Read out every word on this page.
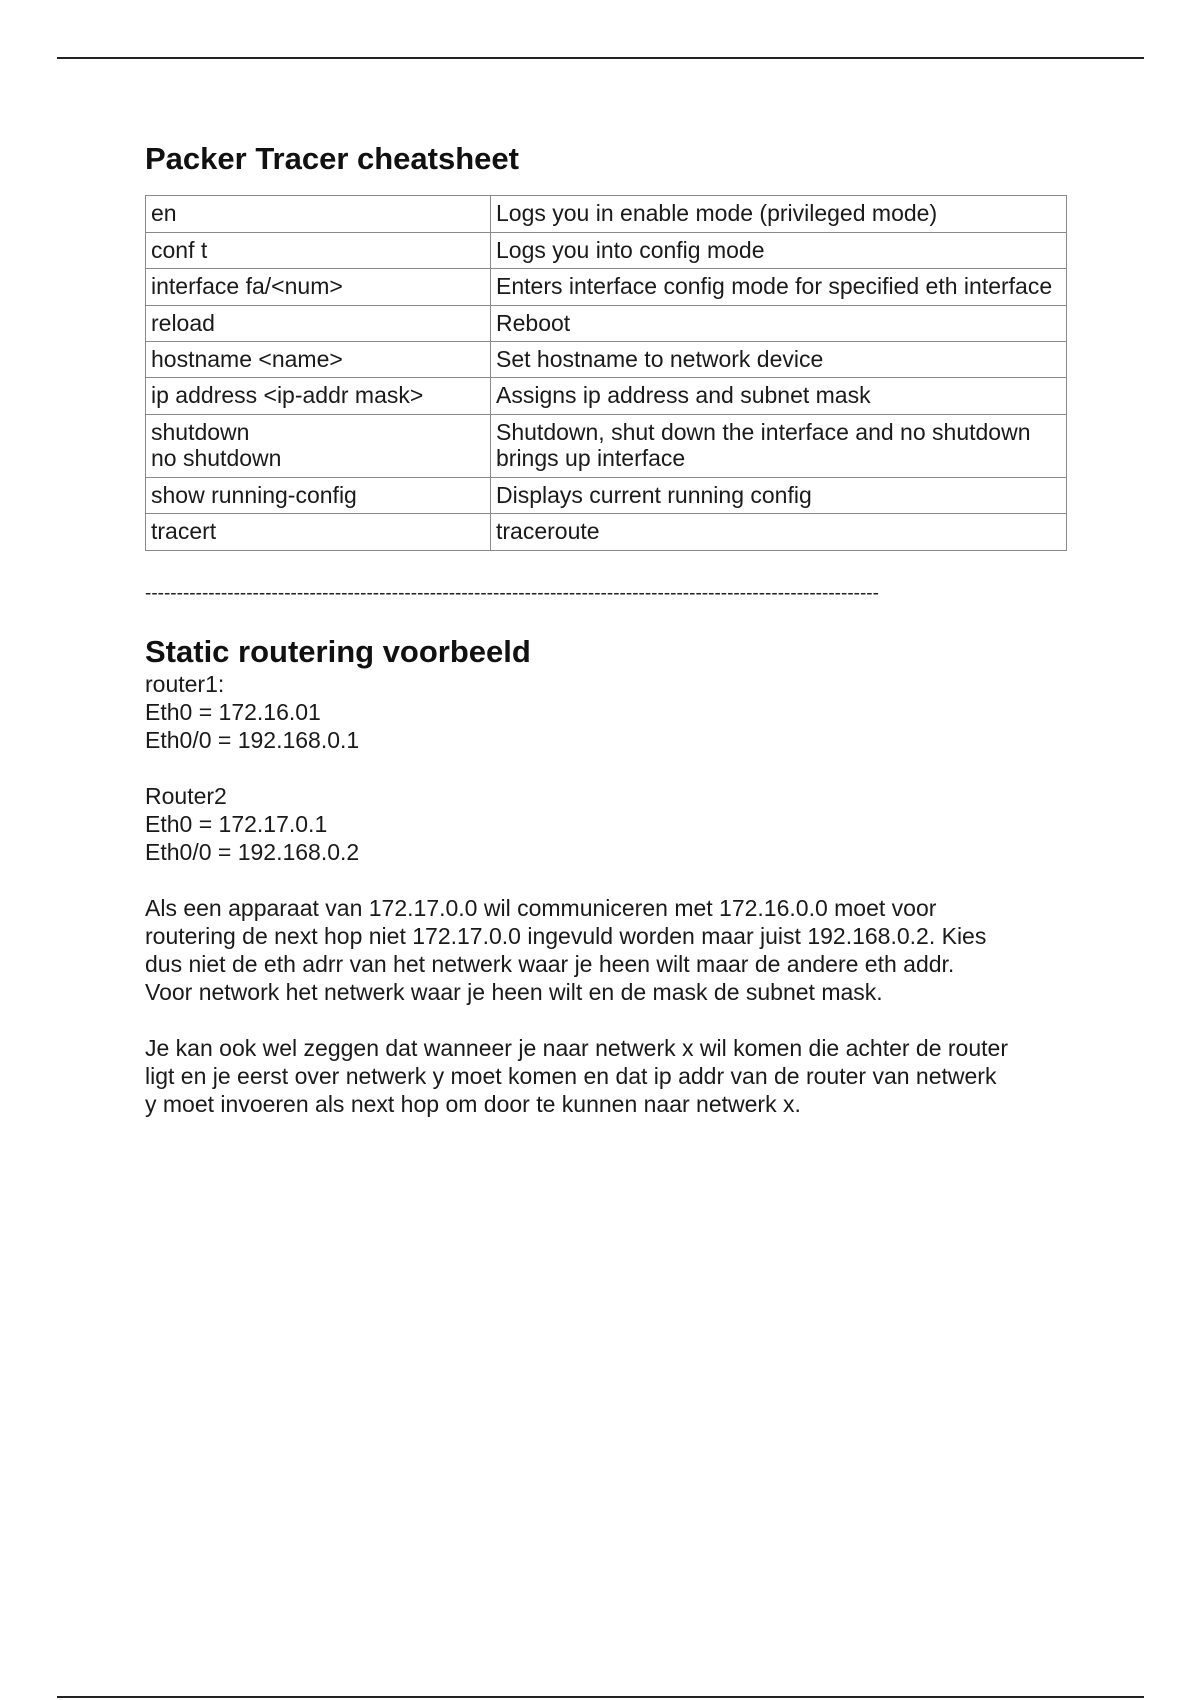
Packer Tracer cheatsheet
en	Logs you in enable mode (privileged mode)
conf t	Logs you into config mode
interface fa/<num>	Enters interface config mode for specified eth interface
reload	Reboot
hostname <name>	Set hostname to network device
ip address <ip-addr mask>	Assigns ip address and subnet mask
shutdown
no shutdown	Shutdown, shut down the interface and no shutdown brings up interface
show running-config	Displays current running config
tracert	traceroute
--------------------------------------------------------------------------------------------------------------------
Static routering voorbeeld
router1:
Eth0 = 172.16.01
Eth0/0 = 192.168.0.1
Router2
Eth0 = 172.17.0.1
Eth0/0 = 192.168.0.2
Als een apparaat van 172.17.0.0 wil communiceren met 172.16.0.0 moet voor
routering de next hop niet 172.17.0.0 ingevuld worden maar juist 192.168.0.2. Kies
dus niet de eth adrr van het netwerk waar je heen wilt maar de andere eth addr.
Voor network het netwerk waar je heen wilt en de mask de subnet mask.
Je kan ook wel zeggen dat wanneer je naar netwerk x wil komen die achter de router
ligt en je eerst over netwerk y moet komen en dat ip addr van de router van netwerk
y moet invoeren als next hop om door te kunnen naar netwerk x.
